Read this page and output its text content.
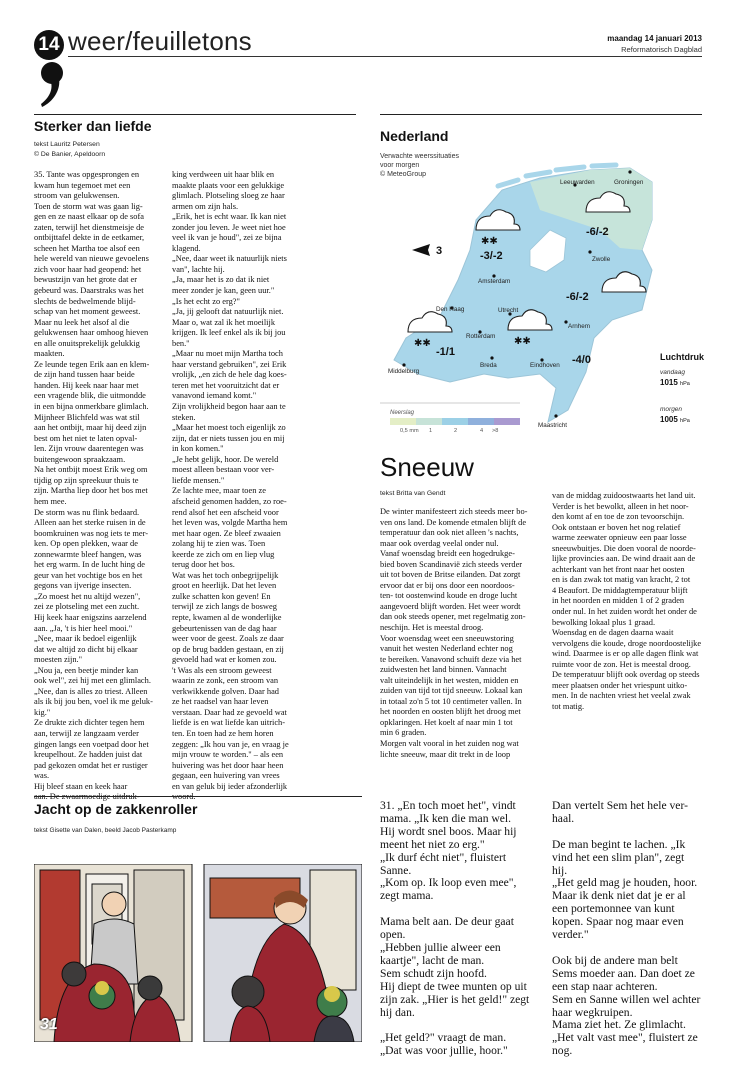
14 weer/feuilletons	maandag 14 januari 2013
Reformatorisch Dagblad
Sterker dan liefde
tekst Lauritz Petersen
© De Banier, Apeldoorn
35. Tante was opgesprongen en
kwam hun tegemoet met een
stroom van gelukwensen.
Toen de storm wat was gaan lig-
gen en ze naast elkaar op de sofa
zaten, terwijl het dienstmeisje de
ontbijttafel dekte in de eetkamer,
scheen het Martha toe alsof een
hele wereld van nieuwe gevoelens
zich voor haar had geopend: het
bewustzijn van het grote dat er
gebeurd was. Daarstraks was het
slechts de bedwelmende blijd-
schap van het moment geweest.
Maar nu leek het alsof al die
gelukwensen haar omhoog hieven
en alle onuitsprekelijk gelukkig
maakten.
Ze leunde tegen Erik aan en klem-
de zijn hand tussen haar beide
handen. Hij keek naar haar met
een vragende blik, die uitmondde
in een bijna onmerkbare glimlach.
Mijnheer Blichfeld was wat stil
aan het ontbijt, maar hij deed zijn
best om het niet te laten opval-
len. Zijn vrouw daarentegen was
buitengewoon spraakzaam.
Na het ontbijt moest Erik weg om
tijdig op zijn spreekuur thuis te
zijn. Martha liep door het bos met
hem mee.
De storm was nu flink bedaard.
Alleen aan het sterke ruisen in de
boomkruinen was nog iets te mer-
ken. Op open plekken, waar de
zonnewarmte bleef hangen, was
het erg warm. In de lucht hing de
geur van het vochtige bos en het
gegons van ijverige insecten.
„Zo moest het nu altijd wezen",
zei ze plotseling met een zucht.
Hij keek haar enigszins aarzelend
aan. „Ja, 't is hier heel mooi."
„Nee, maar ik bedoel eigenlijk
dat we altijd zo dicht bij elkaar
moesten zijn."
„Nou ja, een beetje minder kan
ook wel", zei hij met een glimlach.
„Nee, dan is alles zo triest. Alleen
als ik bij jou ben, voel ik me geluk-
kig."
Ze drukte zich dichter tegen hem
aan, terwijl ze langzaam verder
gingen langs een voetpad door het
kreupelhout. Ze hadden juist dat
pad gekozen omdat het er rustiger
was.
Hij bleef staan en keek haar

king verdween uit haar blik en
maakte plaats voor een gelukkige
glimlach. Plotseling sloeg ze haar
armen om zijn hals.
„Erik, het is echt waar. Ik kan niet
zonder jou leven. Je weet niet hoe
veel ik van je houd", zei ze bijna
klagend.
„Nee, daar weet ik natuurlijk niets
van", lachte hij.
„Ja, maar het is zo dat ik niet
meer zonder je kan, geen uur."
„Is het echt zo erg?"
„Ja, jij gelooft dat natuurlijk niet.
Maar o, wat zal ik het moeilijk
krijgen. Ik leef enkel als ik bij jou
ben."
„Maar nu moet mijn Martha toch
haar verstand gebruiken", zei Erik
vrolijk, „en zich de hele dag koes-
teren met het vooruitzicht dat er
vanavond iemand komt."
Zijn vrolijkheid begon haar aan te
steken.
„Maar het moest toch eigenlijk zo
zijn, dat er niets tussen jou en mij
in kon komen."
„Je hebt gelijk, hoor. De wereld
moest alleen bestaan voor ver-
liefde mensen."
Ze lachte mee, maar toen ze
afscheid genomen hadden, zo roe-
rend alsof het een afscheid voor
het leven was, volgde Martha hem
met haar ogen. Ze bleef zwaaien
zolang hij te zien was. Toen
keerde ze zich om en liep vlug
terug door het bos.
Wat was het toch onbegrijpelijk
groot en heerlijk. Dat het leven
zulke schatten kon geven! En
terwijl ze zich langs de bosweg
repte, kwamen al de wonderlijke
gebeurtenissen van de dag haar
weer voor de geest. Zoals ze daar
op de brug badden gestaan, en zij
gevoeld had wat er komen zou.
't Was als een stroom geweest
waarin ze zonk, een stroom van
verkwikkende golven. Daar had
ze het raadsel van haar leven
verstaan. Daar had ze gevoeld wat
liefde is en wat liefde kan uitrich-
ten. En toen had ze hem horen
zeggen: „Ik hou van je, en vraag je
mijn vrouw te worden." – als een
huivering was het door haar heen
gegaan, een huivering van vrees
en van geluk bij ieder afzonderlijk

Nederland
Verwachte weerssituaties
voor morgen
© MeteoGroup
✱✱
✱✱	✱✱
Leeuwarden	Groningen
Zwolle
Amsterdam
Den Haag	Utrecht
Arnhem
Rotterdam
Middelburg
Breda	Eindhoven
Maastricht
-3/-2
-6/-2
-6/-2
-4/0
-1/1
3
Neerslag
0,5 mm 1	2	4 >8
Luchtdruk
vandaag
1015 hPa
morgen
1005 hPa
Sneeuw
tekst Britta van Gendt
De winter manifesteert zich steeds meer bo-
ven ons land. De komende etmalen blijft de
temperatuur dan ook niet alleen 's nachts,
maar ook overdag veelal onder nul.
Vanaf woensdag breidt een hogedrukge-
bied boven Scandinavië zich steeds verder
uit tot boven de Britse eilanden. Dat zorgt
ervoor dat er bij ons door een noordoos-
ten- tot oostenwind koude en droge lucht
aangevoerd blijft worden. Het weer wordt
dan ook steeds opener, met regelmatig zon-
neschijn. Het is meestal droog.
Voor woensdag weet een sneeuwstoring
vanuit het westen Nederland echter nog
te bereiken. Vanavond schuift deze via het
zuidwesten het land binnen. Vannacht
valt uiteindelijk in het westen, midden en
zuiden van tijd tot tijd sneeuw. Lokaal kan
in totaal zo'n 5 tot 10 centimeter vallen. In
het noorden en oosten blijft het droog met
opklaringen. Het koelt af naar min 1 tot
min 6 graden.
Morgen valt vooral in het zuiden nog wat
lichte sneeuw, maar dit trekt in de loop
van de middag zuidoostwaarts het land uit.
Verder is het bewolkt, alleen in het noor-
den komt af en toe de zon tevoorschijn.
Ook ontstaan er boven het nog relatief
warme zeewater opnieuw een paar losse
sneeuwbuitjes. Die doen vooral de noorde-
lijke provincies aan. De wind draait aan de
achterkant van het front naar het oosten
en is dan zwak tot matig van kracht, 2 tot
4 Beaufort. De middagtemperatuur blijft
in het noorden en midden 1 of 2 graden
onder nul. In het zuiden wordt het onder de
bewolking lokaal plus 1 graad.
Woensdag en de dagen daarna waait
vervolgens die koude, droge noordoostelijke
wind. Daarmee is er op alle dagen flink wat
ruimte voor de zon. Het is meestal droog.
De temperatuur blijft ook overdag op steeds
meer plaatsen onder het vriespunt uitko-
men. In de nachten vriest het veelal zwak
tot matig.
Jacht op de zakkenroller
tekst Gisette van Dalen, beeld Jacob Pasterkamp
31
31. „En toch moet het", vindt
mama. „Ik ken die man wel.
Hij wordt snel boos. Maar hij
meent het niet zo erg."
„Ik durf écht niet", fluistert
Sanne.
„Kom op. Ik loop even mee",
zegt mama.

Mama belt aan. De deur gaat
open.
„Hebben jullie alweer een
kaartje", lacht de man.
Sem schudt zijn hoofd.
Hij diept de twee munten op uit
zijn zak. „Hier is het geld!" zegt
hij dan.

„Het geld?" vraagt de man.
„Dat was voor jullie, hoor."
Dan vertelt Sem het hele ver-
haal.

De man begint te lachen. „Ik
vind het een slim plan", zegt
hij.
„Het geld mag je houden, hoor.
Maar ik denk niet dat je er al
een portemonnee van kunt
kopen. Spaar nog maar even
verder."

Ook bij de andere man belt
Sems moeder aan. Dan doet ze
een stap naar achteren.
Sem en Sanne willen wel achter
haar wegkruipen.
Mama ziet het. Ze glimlacht.
„Het valt vast mee", fluistert ze
nog.
